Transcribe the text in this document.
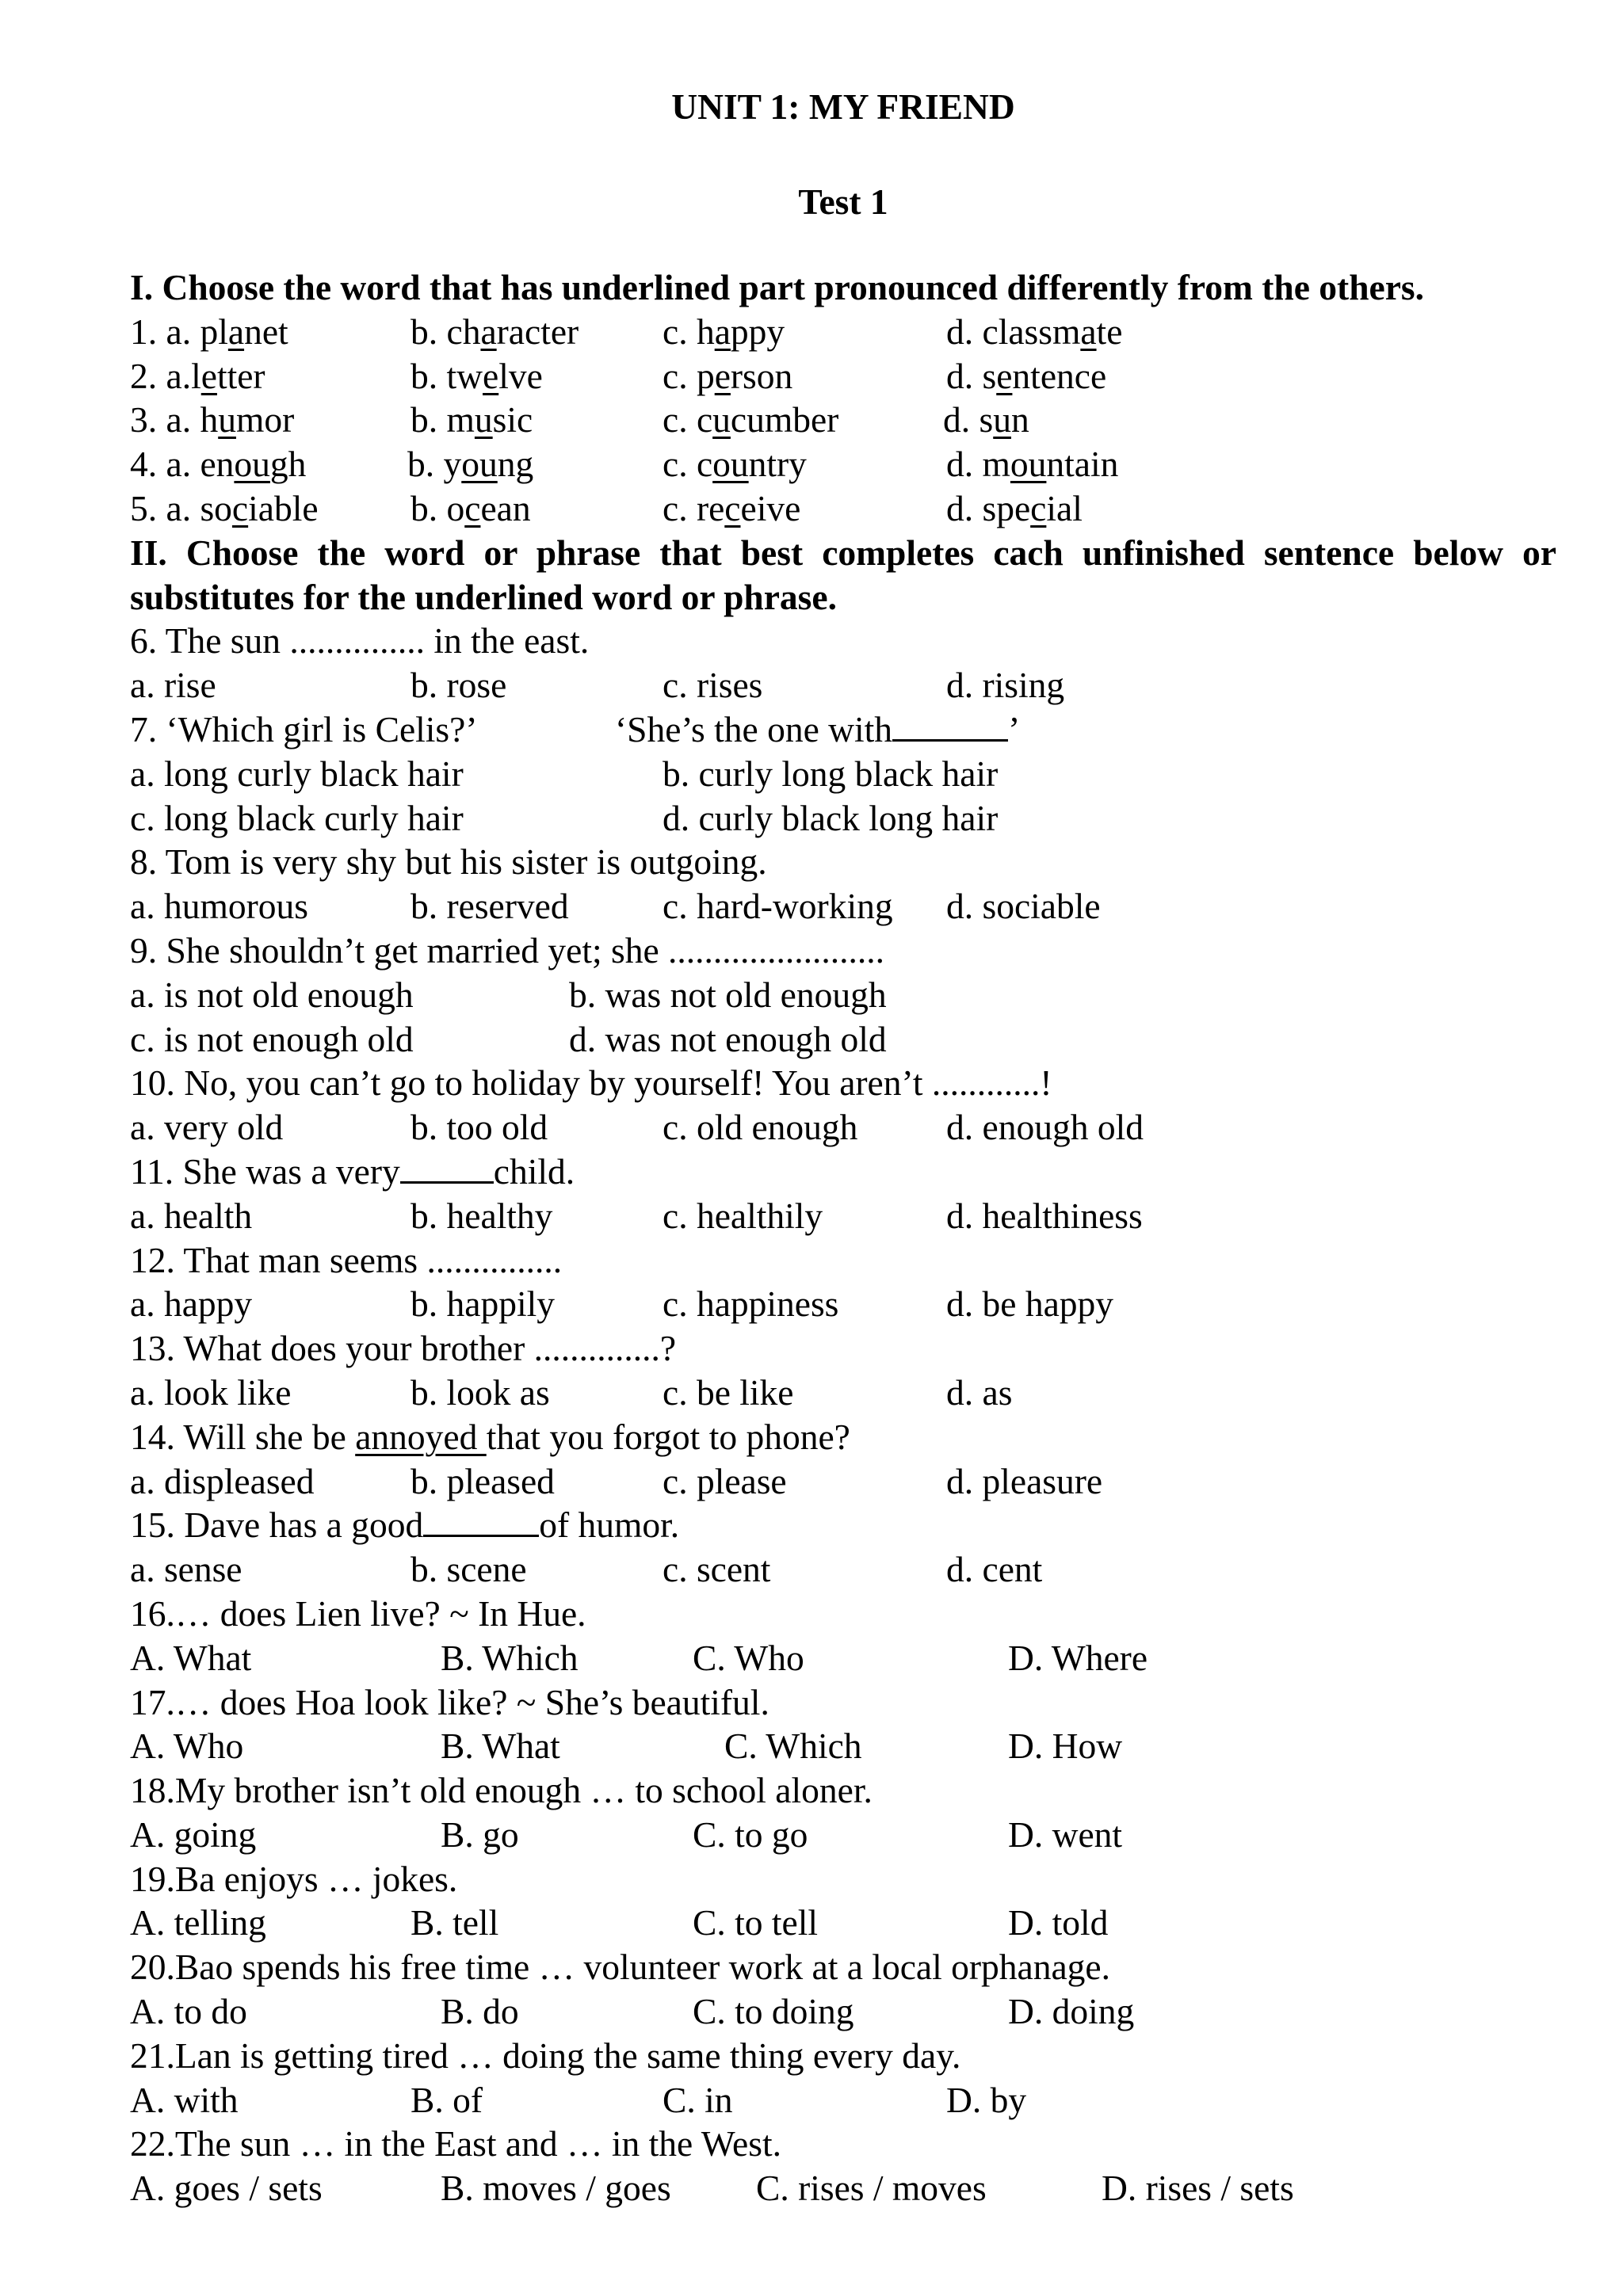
UNIT 1: MY FRIEND
Test 1
I. Choose the word that has underlined part pronounced differently from the others.
1. a. planet	b. character c. happy	d. classmate
2. a.letter	b. twelve	c. person	d. sentence
3. a. humor	b. music	c. cucumber	d. sun
4. a. enough	b. young	c. country	d. mountain
5. a. sociable	b. ocean	c. receive	d. special
II. Choose the word or phrase that best completes cach unfinished sentence below or
substitutes for the underlined word or phrase.
6. The sun ............... in the east.
a. rise	b. rose	c. rises	d. rising
7. ‘Which girl is Celis?’	‘She’s the one with	’
a. long curly black hair	b. curly long black hair
c. long black curly hair	d. curly black long hair
8. Tom is very shy but his sister is outgoing.
a. humorous	b. reserved	c. hard-working d. sociable
9. She shouldn’t get married yet; she ........................
a. is not old enough	b. was not old enough
c. is not enough old	d. was not enough old
10. No, you can’t go to holiday by yourself! You aren’t ............!
a. very old	b. too old	c. old enough d. enough old
11. She was a very	child.
a. health	b. healthy	c. healthily	d. healthiness
12. That man seems ...............
a. happy	b. happily	c. happiness	d. be happy
13. What does your brother ..............?
a. look like	b. look as	c. be like	d. as
14. Will she be annoyed that you forgot to phone?
a. displeased	b. pleased	c. please	d. pleasure
15. Dave has a good	of humor.
a. sense	b. scene	c. scent	d. cent
16.… does Lien live? ~ In Hue.
A. What	B. Which	C. Who	D. Where
17.… does Hoa look like? ~ She’s beautiful.
A. Who	B. What	C. Which	D. How
18.My brother isn’t old enough … to school aloner.
A. going	B. go	C. to go	D. went
19.Ba enjoys … jokes.
A. telling	B. tell	C. to tell	D. told
20.Bao spends his free time … volunteer work at a local orphanage.
A. to do	B. do	C. to doing	D. doing
21.Lan is getting tired … doing the same thing every day.
A. with	B. of	C. in	D. by
22.The sun … in the East and … in the West.
A. goes / sets	B. moves / goes C. rises / moves	D. rises / sets
